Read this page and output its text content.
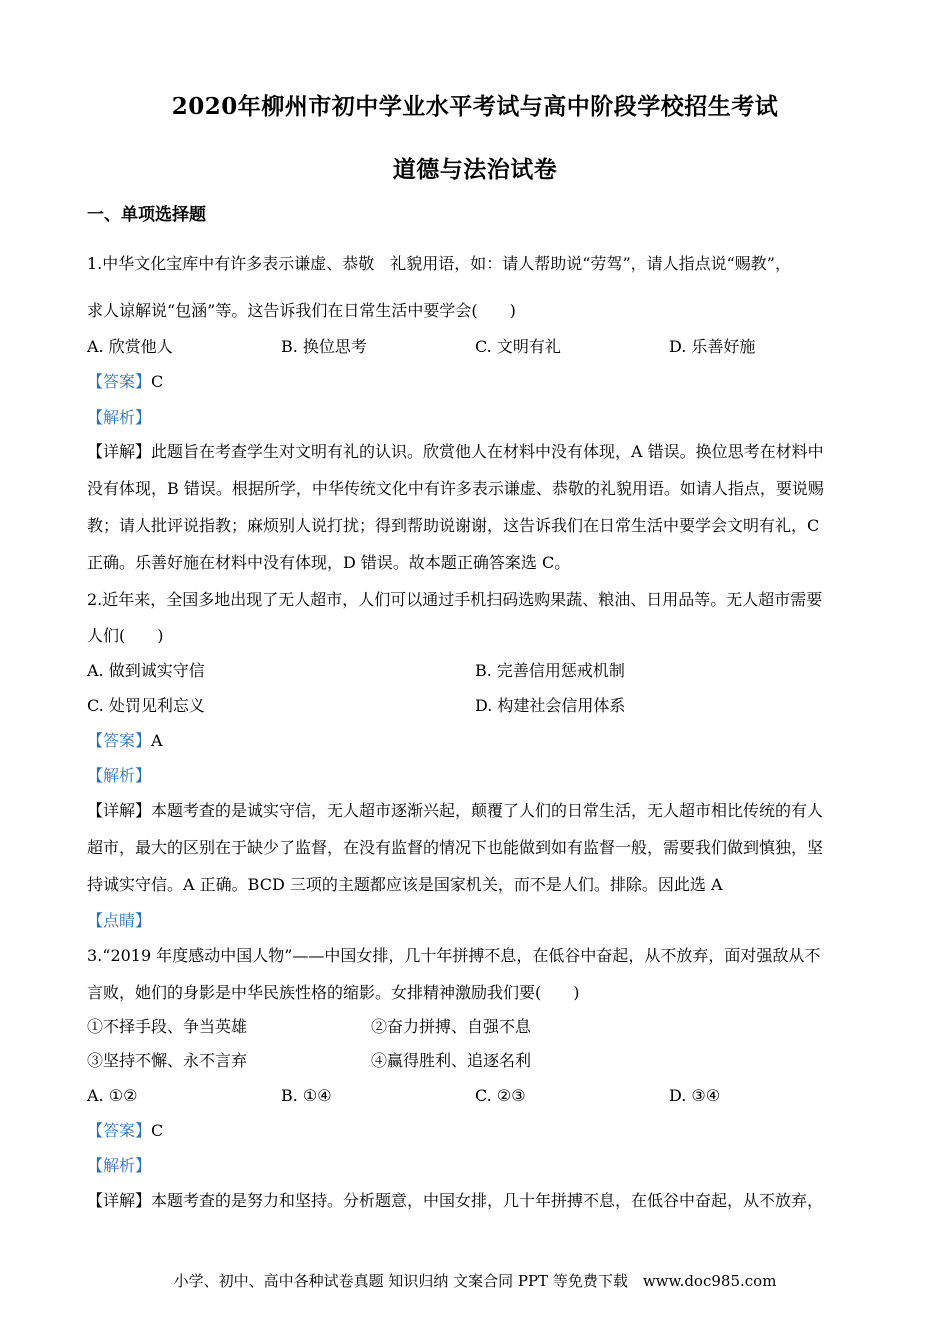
2020年柳州市初中学业水平考试与高中阶段学校招生考试
道德与法治试卷
一、单项选择题
1.中华文化宝库中有许多表示谦虚、恭敬　礼貌用语，如：请人帮助说“劳驾”，请人指点说“赐教”，
求人谅解说“包涵”等。这告诉我们在日常生活中要学会(　　)
A. 欣赏他人	B. 换位思考	C. 文明有礼	D. 乐善好施
【答案】C
【解析】
【详解】此题旨在考查学生对文明有礼的认识。欣赏他人在材料中没有体现，A 错误。换位思考在材料中
没有体现，B 错误。根据所学，中华传统文化中有许多表示谦虚、恭敬的礼貌用语。如请人指点，要说赐
教；请人批评说指教；麻烦别人说打扰；得到帮助说谢谢，这告诉我们在日常生活中要学会文明有礼，C
正确。乐善好施在材料中没有体现，D 错误。故本题正确答案选 C。
2.近年来，全国多地出现了无人超市，人们可以通过手机扫码选购果蔬、粮油、日用品等。无人超市需要
人们(　　)
A. 做到诚实守信	B. 完善信用惩戒机制
C. 处罚见利忘义	D. 构建社会信用体系
【答案】A
【解析】
【详解】本题考查的是诚实守信，无人超市逐渐兴起，颠覆了人们的日常生活，无人超市相比传统的有人
超市，最大的区别在于缺少了监督，在没有监督的情况下也能做到如有监督一般，需要我们做到慎独，坚
持诚实守信。A 正确。BCD 三项的主题都应该是国家机关，而不是人们。排除。因此选 A
【点睛】
3.“2019 年度感动中国人物”——中国女排，几十年拼搏不息，在低谷中奋起，从不放弃，面对强敌从不
言败，她们的身影是中华民族性格的缩影。女排精神激励我们要(　　)
①不择手段、争当英雄	②奋力拼搏、自强不息
③坚持不懈、永不言弃	④赢得胜利、追逐名利
A. ①②	B. ①④	C. ②③	D. ③④
【答案】C
【解析】
【详解】本题考查的是努力和坚持。分析题意，中国女排，几十年拼搏不息，在低谷中奋起，从不放弃，
小学、初中、高中各种试卷真题 知识归纳 文案合同 PPT 等免费下载　www.doc985.com
